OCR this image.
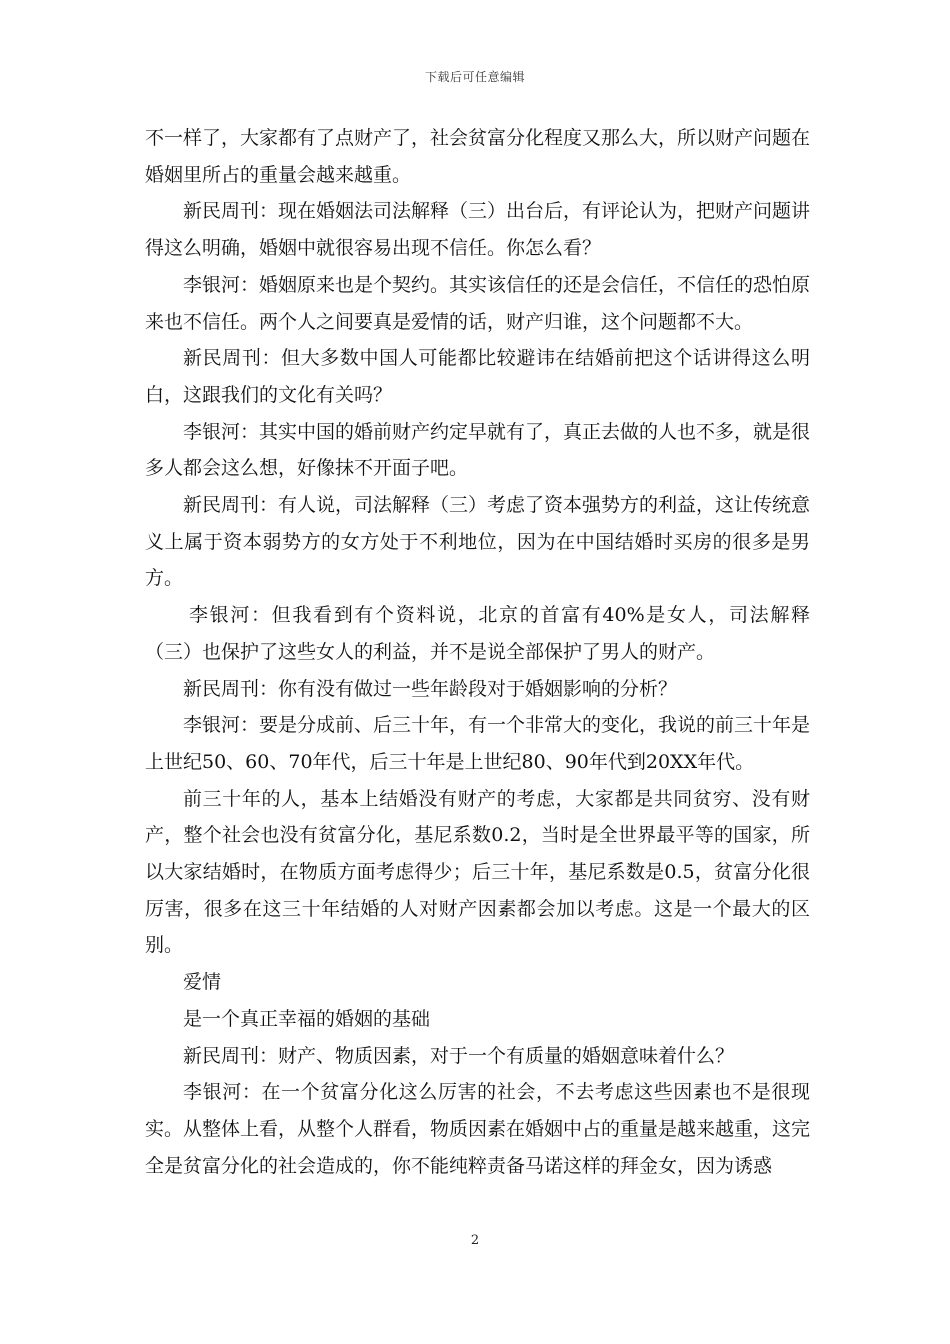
下载后可任意编辑

不一样了，大家都有了点财产了，社会贫富分化程度又那么大，所以财产问题在婚姻里所占的重量会越来越重。

新民周刊：现在婚姻法司法解释（三）出台后，有评论认为，把财产问题讲得这么明确，婚姻中就很容易出现不信任。你怎么看？

李银河：婚姻原来也是个契约。其实该信任的还是会信任，不信任的恐怕原来也不信任。两个人之间要真是爱情的话，财产归谁，这个问题都不大。

新民周刊：但大多数中国人可能都比较避讳在结婚前把这个话讲得这么明白，这跟我们的文化有关吗？

李银河：其实中国的婚前财产约定早就有了，真正去做的人也不多，就是很多人都会这么想，好像抹不开面子吧。

新民周刊：有人说，司法解释（三）考虑了资本强势方的利益，这让传统意义上属于资本弱势方的女方处于不利地位，因为在中国结婚时买房的很多是男方。

李银河：但我看到有个资料说，北京的首富有40%是女人，司法解释（三）也保护了这些女人的利益，并不是说全部保护了男人的财产。

新民周刊：你有没有做过一些年龄段对于婚姻影响的分析？

李银河：要是分成前、后三十年，有一个非常大的变化，我说的前三十年是上世纪50、60、70年代，后三十年是上世纪80、90年代到20XX年代。

前三十年的人，基本上结婚没有财产的考虑，大家都是共同贫穷、没有财产，整个社会也没有贫富分化，基尼系数0.2，当时是全世界最平等的国家，所以大家结婚时，在物质方面考虑得少；后三十年，基尼系数是0.5，贫富分化很厉害，很多在这三十年结婚的人对财产因素都会加以考虑。这是一个最大的区别。

爱情

是一个真正幸福的婚姻的基础

新民周刊：财产、物质因素，对于一个有质量的婚姻意味着什么？

李银河：在一个贫富分化这么厉害的社会，不去考虑这些因素也不是很现实。从整体上看，从整个人群看，物质因素在婚姻中占的重量是越来越重，这完全是贫富分化的社会造成的，你不能纯粹责备马诺这样的拜金女，因为诱惑

2
